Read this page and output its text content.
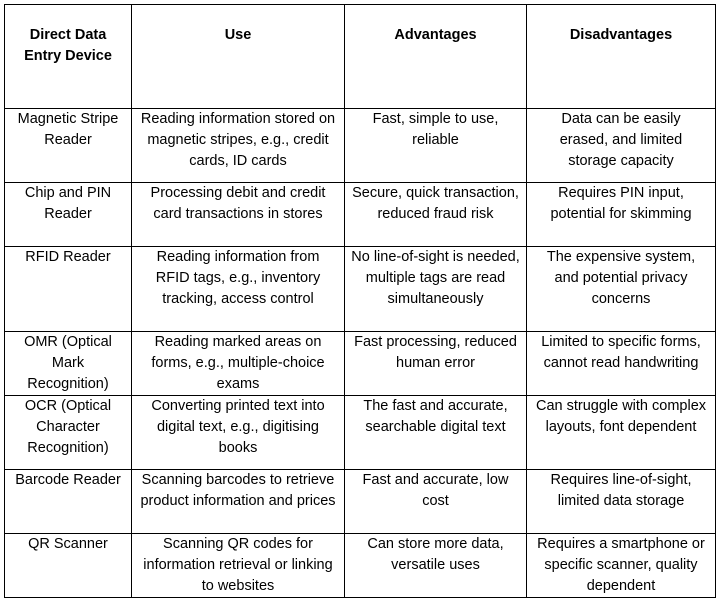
Direct Data Entry Device	Use	Advantages	Disadvantages
Magnetic Stripe Reader	Reading information stored on magnetic stripes, e.g., credit cards, ID cards	Fast, simple to use, reliable	Data can be easily erased, and limited storage capacity
Chip and PIN Reader	Processing debit and credit card transactions in stores	Secure, quick transaction, reduced fraud risk	Requires PIN input, potential for skimming
RFID Reader	Reading information from RFID tags, e.g., inventory tracking, access control	No line-of-sight is needed, multiple tags are read simultaneously	The expensive system, and potential privacy concerns
OMR (Optical Mark Recognition)	Reading marked areas on forms, e.g., multiple-choice exams	Fast processing, reduced human error	Limited to specific forms, cannot read handwriting
OCR (Optical Character Recognition)	Converting printed text into digital text, e.g., digitising books	The fast and accurate, searchable digital text	Can struggle with complex layouts, font dependent
Barcode Reader	Scanning barcodes to retrieve product information and prices	Fast and accurate, low cost	Requires line-of-sight, limited data storage
QR Scanner	Scanning QR codes for information retrieval or linking to websites	Can store more data, versatile uses	Requires a smartphone or specific scanner, quality dependent
